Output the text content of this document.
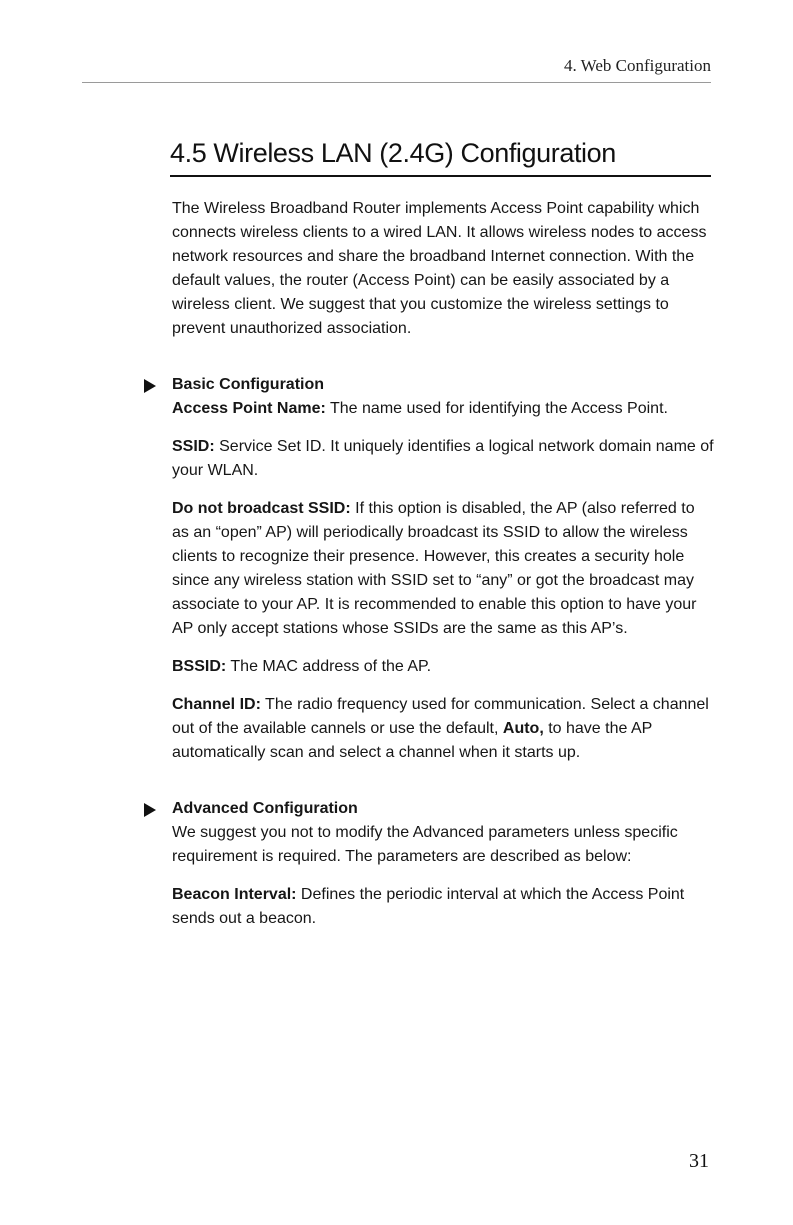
4. Web Configuration
4.5 Wireless LAN (2.4G) Configuration

The Wireless Broadband Router implements Access Point capability which connects wireless clients to a wired LAN. It allows wireless nodes to access network resources and share the broadband Internet connection. With the default values, the router (Access Point) can be easily associated by a wireless client. We suggest that you customize the wireless settings to prevent unauthorized association.

Basic Configuration

Access Point Name: The name used for identifying the Access Point.

SSID: Service Set ID. It uniquely identifies a logical network domain name of your WLAN.

Do not broadcast SSID: If this option is disabled, the AP (also referred to as an “open” AP) will periodically broadcast its SSID to allow the wireless clients to recognize their presence. However, this creates a security hole since any wireless station with SSID set to “any” or got the broadcast may associate to your AP. It is recommended to enable this option to have your AP only accept stations whose SSIDs are the same as this AP’s.

BSSID: The MAC address of the AP.

Channel ID: The radio frequency used for communication. Select a channel out of the available cannels or use the default, Auto, to have the AP automatically scan and select a channel when it starts up.

Advanced Configuration

We suggest you not to modify the Advanced parameters unless specific requirement is required. The parameters are described as below:

Beacon Interval: Defines the periodic interval at which the Access Point sends out a beacon.

31
